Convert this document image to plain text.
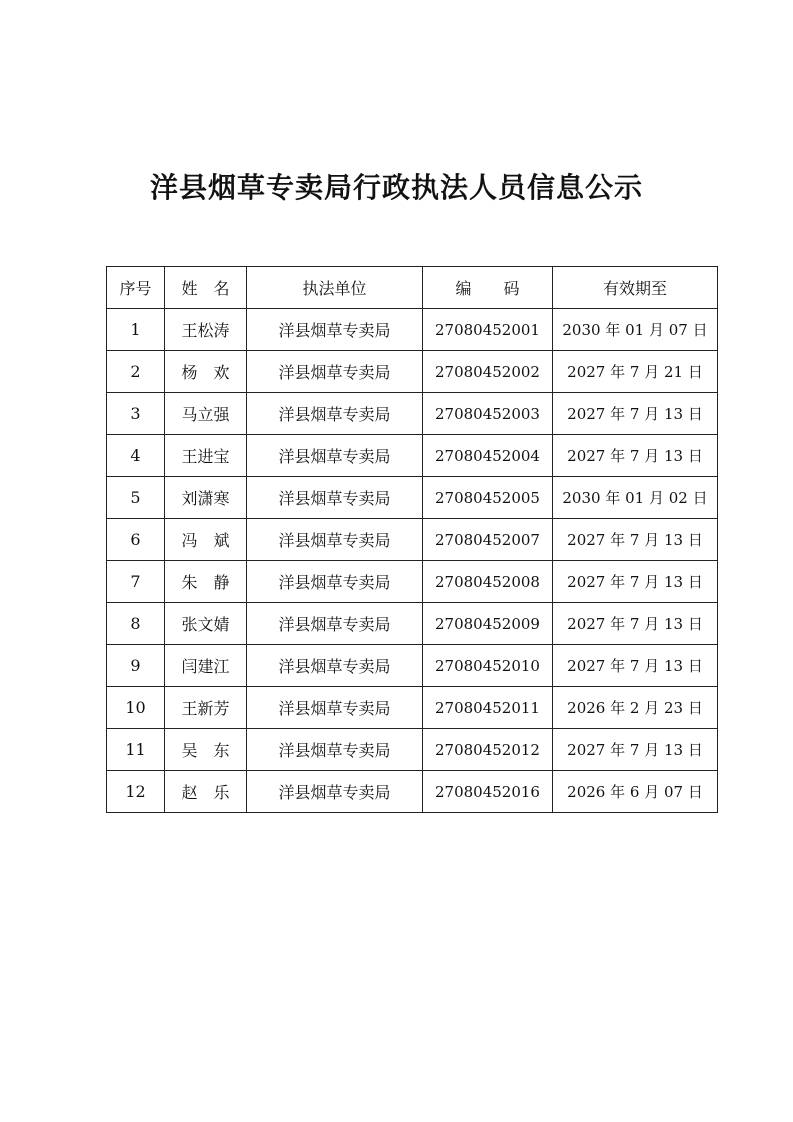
洋县烟草专卖局行政执法人员信息公示
序号	姓　名	执法单位	编　　码	有效期至
1	王松涛	洋县烟草专卖局	27080452001	2030 年 01 月 07 日
2	杨　欢	洋县烟草专卖局	27080452002	2027 年 7 月 21 日
3	马立强	洋县烟草专卖局	27080452003	2027 年 7 月 13 日
4	王进宝	洋县烟草专卖局	27080452004	2027 年 7 月 13 日
5	刘潇寒	洋县烟草专卖局	27080452005	2030 年 01 月 02 日
6	冯　斌	洋县烟草专卖局	27080452007	2027 年 7 月 13 日
7	朱　静	洋县烟草专卖局	27080452008	2027 年 7 月 13 日
8	张文婧	洋县烟草专卖局	27080452009	2027 年 7 月 13 日
9	闫建江	洋县烟草专卖局	27080452010	2027 年 7 月 13 日
10	王新芳	洋县烟草专卖局	27080452011	2026 年 2 月 23 日
11	吴　东	洋县烟草专卖局	27080452012	2027 年 7 月 13 日
12	赵　乐	洋县烟草专卖局	27080452016	2026 年 6 月 07 日
